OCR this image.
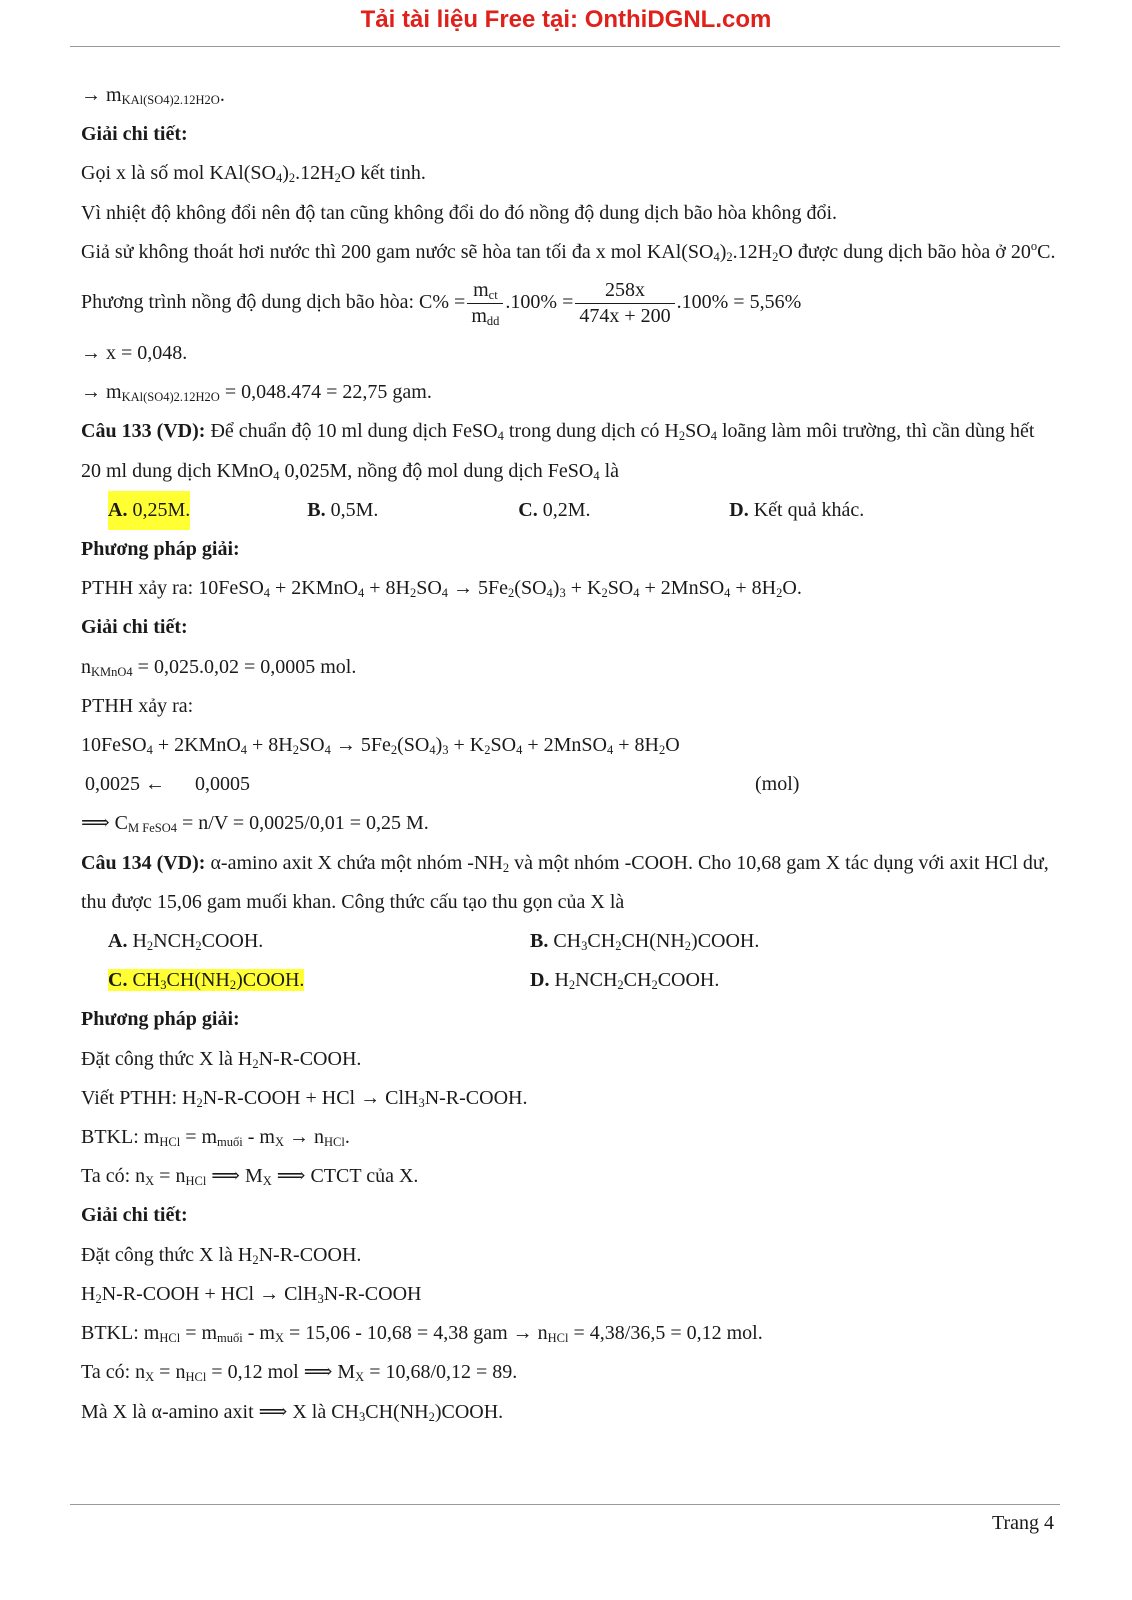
Tải tài liệu Free tại: OnthiDGNL.com
→ $m_{KAl(SO4)2.12H2O}$.
Giải chi tiết:
Gọi x là số mol $KAl(SO_4)_2.12H_2O$ kết tinh.
Vì nhiệt độ không đổi nên độ tan cũng không đổi do đó nồng độ dung dịch bão hòa không đổi.
Giả sử không thoát hơi nước thì 200 gam nước sẽ hòa tan tối đa x mol $KAl(SO_4)_2.12H_2O$ được dung dịch bão hòa ở 20$^o$C.
Phương trình nồng độ dung dịch bão hòa: $C\% = \frac{m_{ct}}{m_{dd}} .100\% = \frac{258x}{474x + 200} .100\% = 5,56\%$
→ x = 0,048.
→ $m_{KAl(SO4)2.12H2O} = 0,048.474 = 22,75$ gam.
Câu 133 (VD): Để chuẩn độ 10 ml dung dịch FeSO$_4$ trong dung dịch có $H_2SO_4$ loãng làm môi trường, thì cần dùng hết 20 ml dung dịch KMnO$_4$ 0,025M, nồng độ mol dung dịch FeSO$_4$ là
A. 0,25M.	B. 0,5M.	C. 0,2M.	D. Kết quả khác.
Phương pháp giải:
PTHH xảy ra: 10FeSO$_4$ + 2KMnO$_4$ + $8H_2SO_4 \to 5Fe_2(SO_4)_3 + K_2SO_4$ + 2MnSO$_4$ + $8H_2O$.
Giải chi tiết:
$n_{KMnO4} = 0,025.0,02 = 0,0005$ mol.
PTHH xảy ra:
10FeSO$_4$ + 2KMnO$_4$ + $8H_2SO_4 \to 5Fe_2(SO_4)_3 + K_2SO_4$ + 2MnSO$_4$ + $8H_2O$
0,0025 ←      0,0005	(mol)
⟹ $C_{M FeSO4} = n/V = 0,0025/0,01 = 0,25$ M.
Câu 134 (VD): α-amino axit X chứa một nhóm $-NH_2$ và một nhóm -COOH. Cho 10,68 gam X tác dụng với axit HCl dư, thu được 15,06 gam muối khan. Công thức cấu tạo thu gọn của X là
A. $H_2NCH_2COOH$.	B. $CH_3CH_2CH(NH_2)COOH$.
C. $CH_3CH(NH_2)COOH$.	D. $H_2NCH_2CH_2COOH$.
Phương pháp giải:
Đặt công thức X là $H_2N-R$-COOH.
Viết PTHH: $H_2N-R$-COOH + HCl → ClH$_3$N-R-COOH.
BTKL: $m_{HCl} = m_{muối} - m_X \to n_{HCl}$.
Ta có: $n_X = n_{HCl}$ ⟹ $M_X$ ⟹ CTCT của X.
Giải chi tiết:
Đặt công thức X là $H_2N-R$-COOH.
$H_2N-R$-COOH + HCl → ClH$_3$N-R-COOH
BTKL: $m_{HCl} = m_{muối} - m_X = 15,06 - 10,68 = 4,38$ gam → $n_{HCl} = 4,38/36,5 = 0,12$ mol.
Ta có: $n_X = n_{HCl} = 0,12$ mol ⟹ $M_X = 10,68/0,12 = 89$.
Mà X là α-amino axit ⟹ X là $CH_3CH(NH_2)COOH$.
Trang 4
